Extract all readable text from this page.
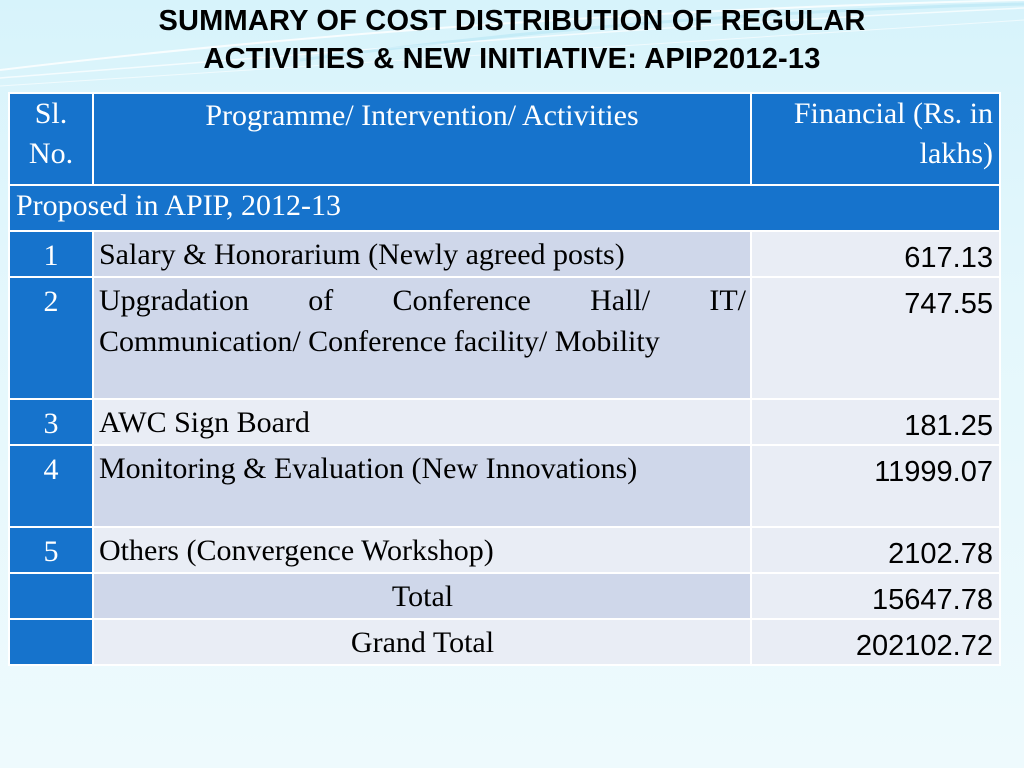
SUMMARY OF COST DISTRIBUTION OF REGULAR
ACTIVITIES & NEW INITIATIVE: APIP2012-13
Sl. No.	Programme/ Intervention/ Activities	Financial (Rs. in lakhs)
Proposed in APIP, 2012-13		
1	Salary & Honorarium (Newly agreed posts)	617.13
2	Upgradation of Conference Hall/ IT/ Communication/ Conference facility/ Mobility	747.55
3	AWC Sign Board	181.25
4	Monitoring & Evaluation (New Innovations)	11999.07
5	Others (Convergence Workshop)	2102.78
	Total	15647.78
	Grand Total	202102.72
